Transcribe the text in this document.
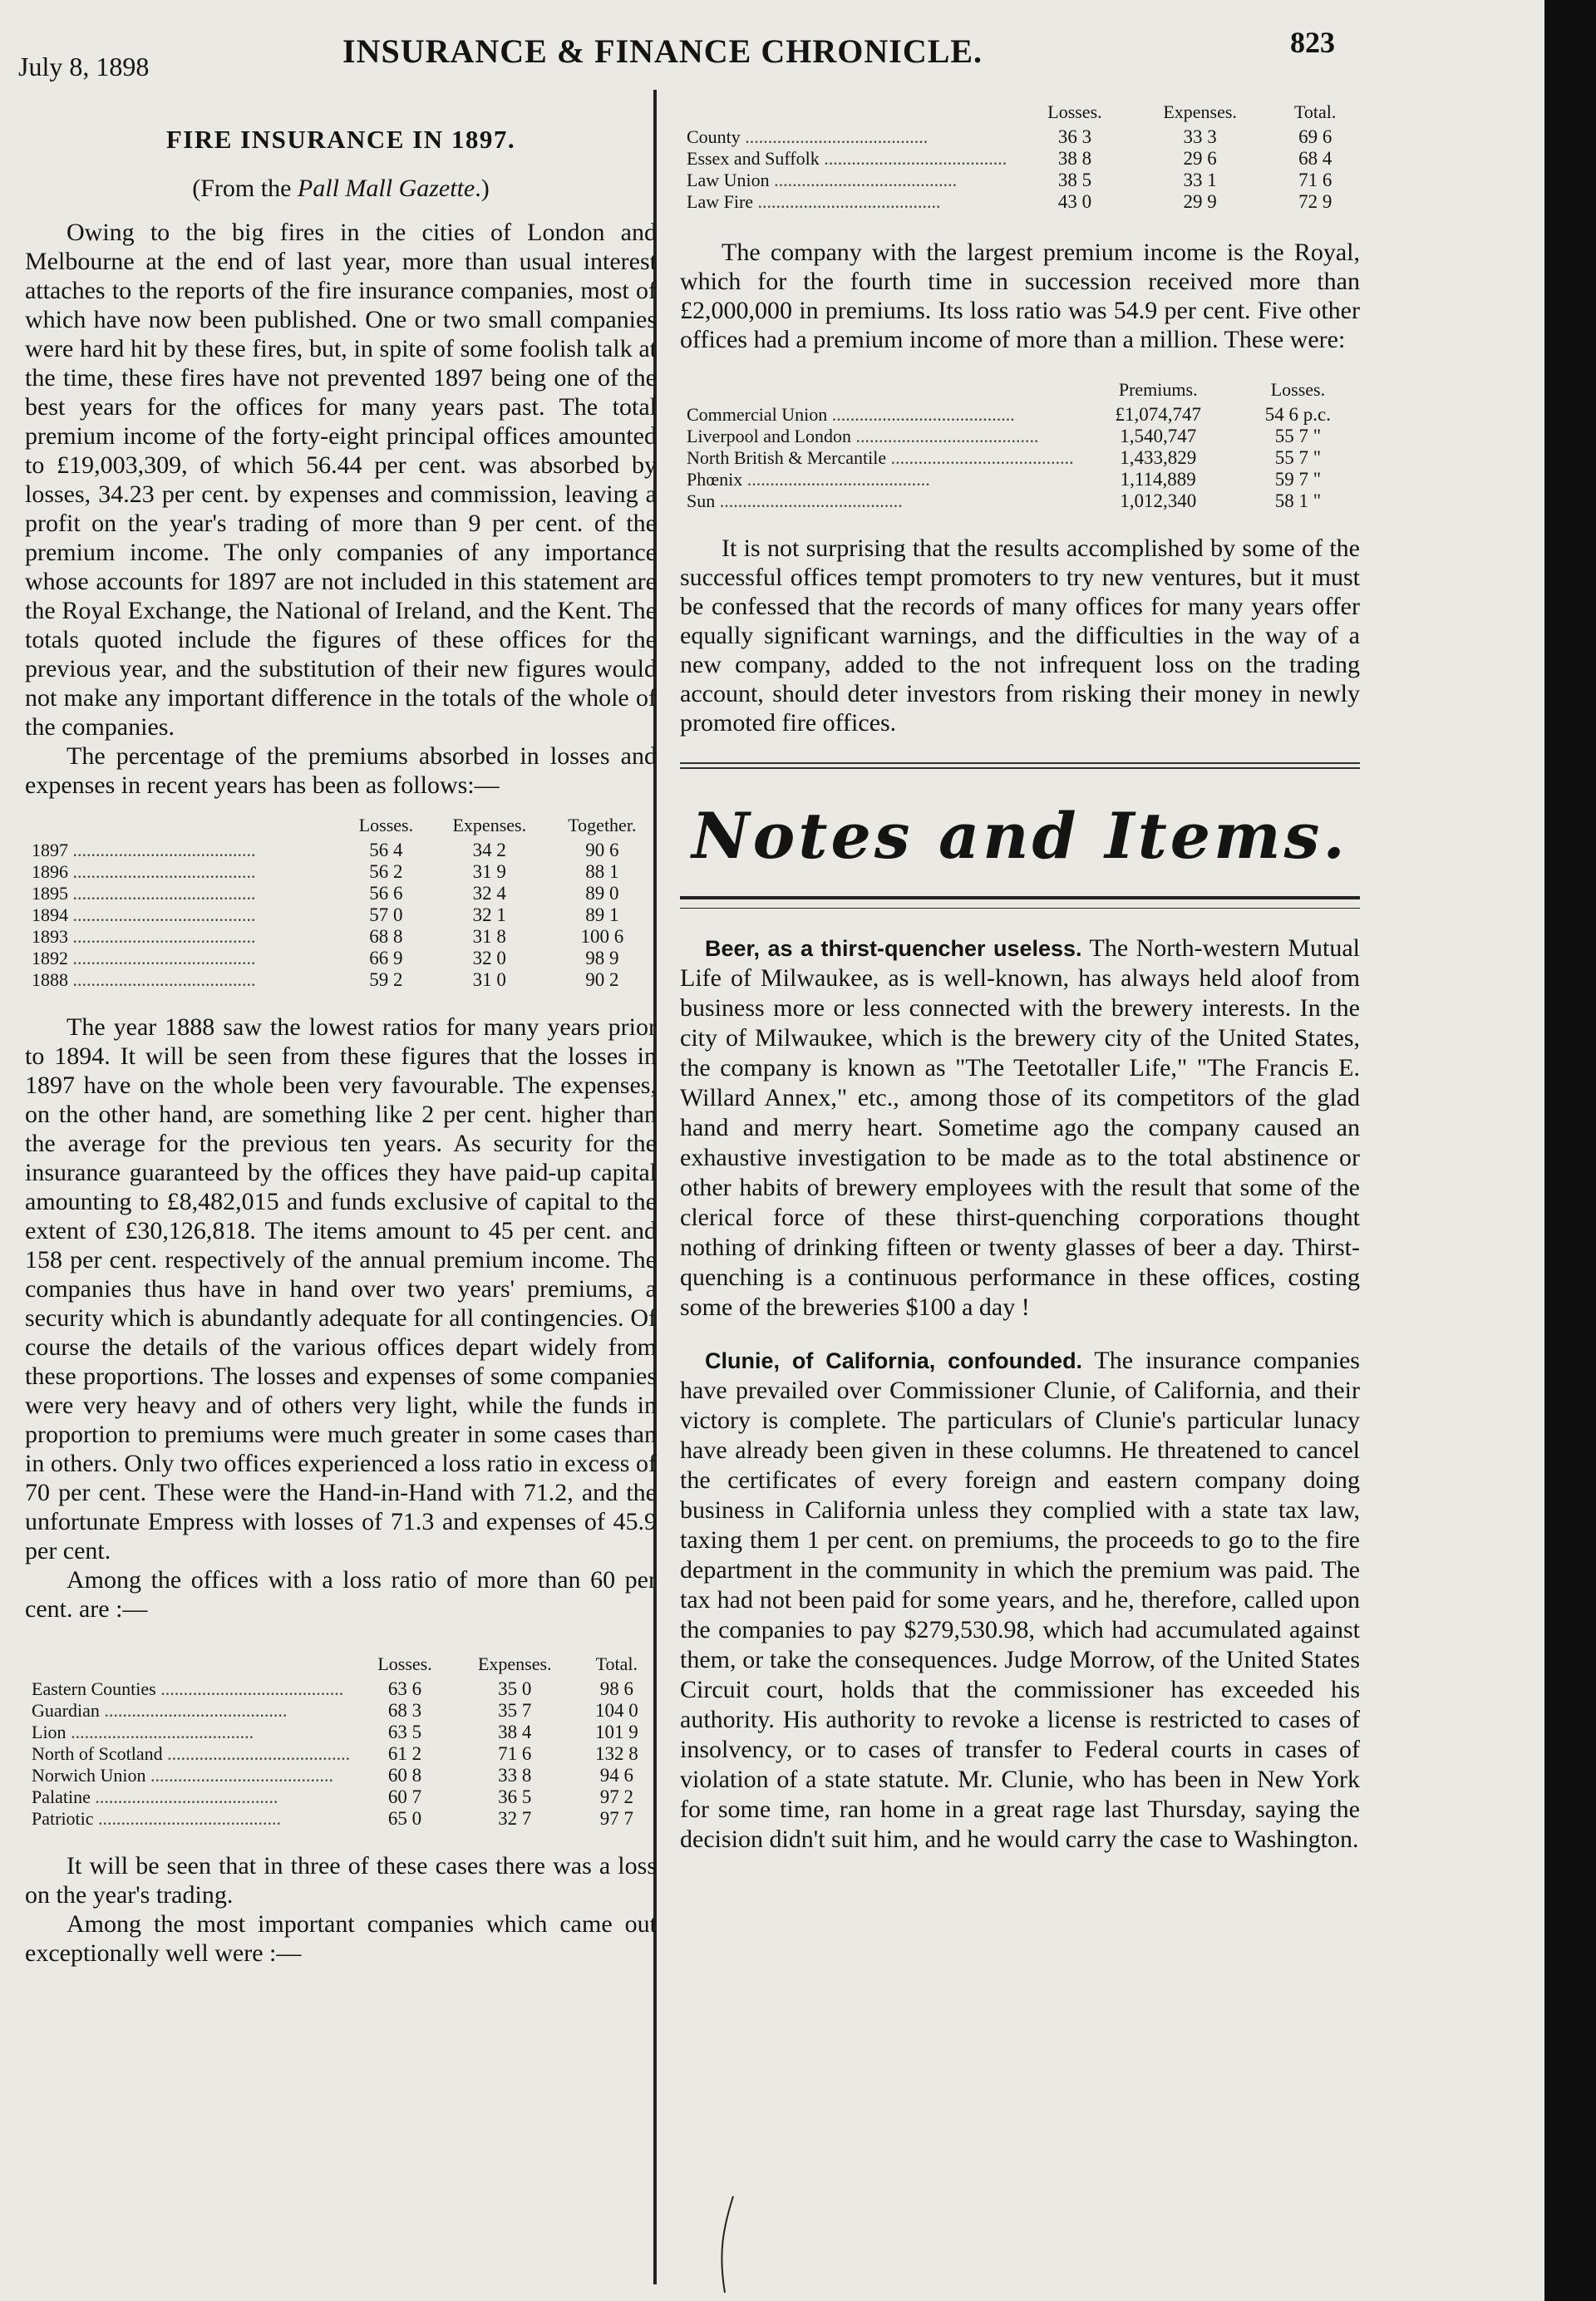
July 8, 1898	INSURANCE & FINANCE CHRONICLE.	823
FIRE INSURANCE IN 1897.
(From the Pall Mall Gazette.)

Owing to the big fires in the cities of London and Melbourne at the end of last year, more than usual interest attaches to the reports of the fire insurance companies, most of which have now been published. One or two small companies were hard hit by these fires, but, in spite of some foolish talk at the time, these fires have not prevented 1897 being one of the best years for the offices for many years past. The total premium income of the forty-eight principal offices amounted to £19,003,309, of which 56.44 per cent. was absorbed by losses, 34.23 per cent. by expenses and commission, leaving a profit on the year's trading of more than 9 per cent. of the premium income. The only companies of any importance whose accounts for 1897 are not included in this statement are the Royal Exchange, the National of Ireland, and the Kent. The totals quoted include the figures of these offices for the previous year, and the substitution of their new figures would not make any important difference in the totals of the whole of the companies.

The percentage of the premiums absorbed in losses and expenses in recent years has been as follows:—

	Losses.	Expenses.	Together.
1897 ........................................	56 4	34 2	90 6
1896 ........................................	56 2	31 9	88 1
1895 ........................................	56 6	32 4	89 0
1894 ........................................	57 0	32 1	89 1
1893 ........................................	68 8	31 8	100 6
1892 ........................................	66 9	32 0	98 9
1888 ........................................	59 2	31 0	90 2

The year 1888 saw the lowest ratios for many years prior to 1894. It will be seen from these figures that the losses in 1897 have on the whole been very favourable. The expenses, on the other hand, are something like 2 per cent. higher than the average for the previous ten years. As security for the insurance guaranteed by the offices they have paid-up capital amounting to £8,482,015 and funds exclusive of capital to the extent of £30,126,818. The items amount to 45 per cent. and 158 per cent. respectively of the annual premium income. The companies thus have in hand over two years' premiums, a security which is abundantly adequate for all contingencies. Of course the details of the various offices depart widely from these proportions. The losses and expenses of some companies were very heavy and of others very light, while the funds in proportion to premiums were much greater in some cases than in others. Only two offices experienced a loss ratio in excess of 70 per cent. These were the Hand-in-Hand with 71.2, and the unfortunate Empress with losses of 71.3 and expenses of 45.9 per cent.

Among the offices with a loss ratio of more than 60 per cent. are :—

	Losses.	Expenses.	Total.
Eastern Counties ........................................	63 6	35 0	98 6
Guardian ........................................	68 3	35 7	104 0
Lion ........................................	63 5	38 4	101 9
North of Scotland ........................................	61 2	71 6	132 8
Norwich Union ........................................	60 8	33 8	94 6
Palatine ........................................	60 7	36 5	97 2
Patriotic ........................................	65 0	32 7	97 7

It will be seen that in three of these cases there was a loss on the year's trading.

Among the most important companies which came out exceptionally well were :—

	Losses.	Expenses.	Total.
County ........................................	36 3	33 3	69 6
Essex and Suffolk ........................................	38 8	29 6	68 4
Law Union ........................................	38 5	33 1	71 6
Law Fire ........................................	43 0	29 9	72 9

The company with the largest premium income is the Royal, which for the fourth time in succession received more than £2,000,000 in premiums. Its loss ratio was 54.9 per cent. Five other offices had a premium income of more than a million. These were:

	Premiums.	Losses.
Commercial Union ........................................	£1,074,747	54 6 p.c.
Liverpool and London ........................................	1,540,747	55 7 "
North British & Mercantile ........................................	1,433,829	55 7 "
Phœnix ........................................	1,114,889	59 7 "
Sun ........................................	1,012,340	58 1 "

It is not surprising that the results accomplished by some of the successful offices tempt promoters to try new ventures, but it must be confessed that the records of many offices for many years offer equally significant warnings, and the difficulties in the way of a new company, added to the not infrequent loss on the trading account, should deter investors from risking their money in newly promoted fire offices.

Notes and Items.

Beer, as a thirst-quencher useless. The North-western Mutual Life of Milwaukee, as is well-known, has always held aloof from business more or less connected with the brewery interests. In the city of Milwaukee, which is the brewery city of the United States, the company is known as "The Teetotaller Life," "The Francis E. Willard Annex," etc., among those of its competitors of the glad hand and merry heart. Sometime ago the company caused an exhaustive investigation to be made as to the total abstinence or other habits of brewery employees with the result that some of the clerical force of these thirst-quenching corporations thought nothing of drinking fifteen or twenty glasses of beer a day. Thirst-quenching is a continuous performance in these offices, costing some of the breweries $100 a day !

Clunie, of California, confounded. The insurance companies have prevailed over Commissioner Clunie, of California, and their victory is complete. The particulars of Clunie's particular lunacy have already been given in these columns. He threatened to cancel the certificates of every foreign and eastern company doing business in California unless they complied with a state tax law, taxing them 1 per cent. on premiums, the proceeds to go to the fire department in the community in which the premium was paid. The tax had not been paid for some years, and he, therefore, called upon the companies to pay $279,530.98, which had accumulated against them, or take the consequences. Judge Morrow, of the United States Circuit court, holds that the commissioner has exceeded his authority. His authority to revoke a license is restricted to cases of insolvency, or to cases of transfer to Federal courts in cases of violation of a state statute. Mr. Clunie, who has been in New York for some time, ran home in a great rage last Thursday, saying the decision didn't suit him, and he would carry the case to Washington.
